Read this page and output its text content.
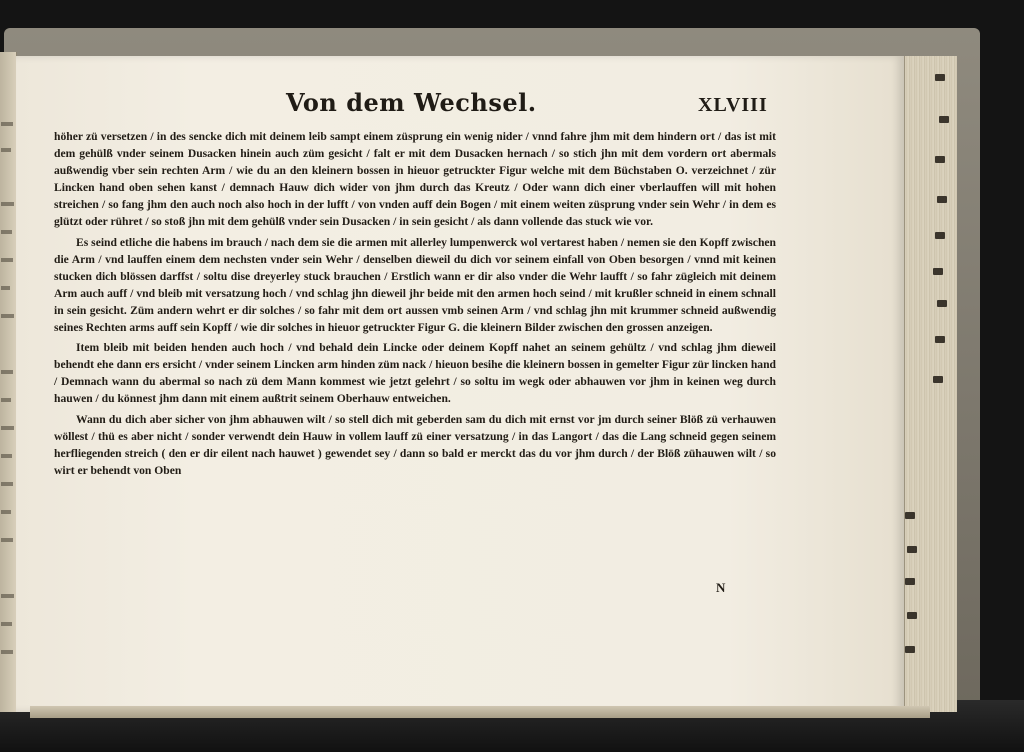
Von dem Wechsel.	XLVIII

höher zü versetzen / in des sencke dich mit deinem leib sampt einem züsprung ein wenig nider / vnnd fahre jhm mit dem hindern ort / das ist mit dem gehülß vnder seinem Dusacken hinein auch züm gesicht / falt er mit dem Dusacken hernach / so stich jhn mit dem vordern ort abermals außwendig vber sein rechten Arm / wie du an den kleinern bossen in hieuor getruckter Figur welche mit dem Büchstaben O. verzeichnet / zür Lincken hand oben sehen kanst / demnach Hauw dich wider von jhm durch das Kreutz / Oder wann dich einer vberlauffen will mit hohen streichen / so fang jhm den auch noch also hoch in der lufft / von vnden auff dein Bogen / mit einem weiten züsprung vnder sein Wehr / in dem es glützt oder rühret / so stoß jhn mit dem gehülß vnder sein Dusacken / in sein gesicht / als dann vollende das stuck wie vor.

Es seind etliche die habens im brauch / nach dem sie die armen mit allerley lumpenwerck wol vertarest haben / nemen sie den Kopff zwischen die Arm / vnd lauffen einem dem nechsten vnder sein Wehr / denselben dieweil du dich vor seinem einfall von Oben besorgen / vnnd mit keinen stucken dich blössen darffst / soltu dise dreyerley stuck brauchen / Erstlich wann er dir also vnder die Wehr laufft / so fahr zügleich mit deinem Arm auch auff / vnd bleib mit versatzung hoch / vnd schlag jhn dieweil jhr beide mit den armen hoch seind / mit krußler schneid in einem schnall in sein gesicht. Züm andern wehrt er dir solches / so fahr mit dem ort aussen vmb seinen Arm / vnd schlag jhn mit krummer schneid außwendig seines Rechten arms auff sein Kopff / wie dir solches in hieuor getruckter Figur G. die kleinern Bilder zwischen den grossen anzeigen.

Item bleib mit beiden henden auch hoch / vnd behald dein Lincke oder deinem Kopff nahet an seinem gehültz / vnd schlag jhm dieweil behendt ehe dann ers ersicht / vnder seinem Lincken arm hinden züm nack / hieuon besihe die kleinern bossen in gemelter Figur zür lincken hand / Demnach wann du abermal so nach zü dem Mann kommest wie jetzt gelehrt / so soltu im wegk oder abhauwen vor jhm in keinen weg durch hauwen / du könnest jhm dann mit einem außtrit seinem Oberhauw entweichen.

Wann du dich aber sicher von jhm abhauwen wilt / so stell dich mit geberden sam du dich mit ernst vor jm durch seiner Blöß zü verhauwen wöllest / thü es aber nicht / sonder verwendt dein Hauw in vollem lauff zü einer versatzung / in das Langort / das die Lang schneid gegen seinem herfliegenden streich ( den er dir eilent nach hauwet ) gewendet sey / dann so bald er merckt das du vor jhm durch / der Blöß zühauwen wilt / so wirt er behendt von Oben

N
